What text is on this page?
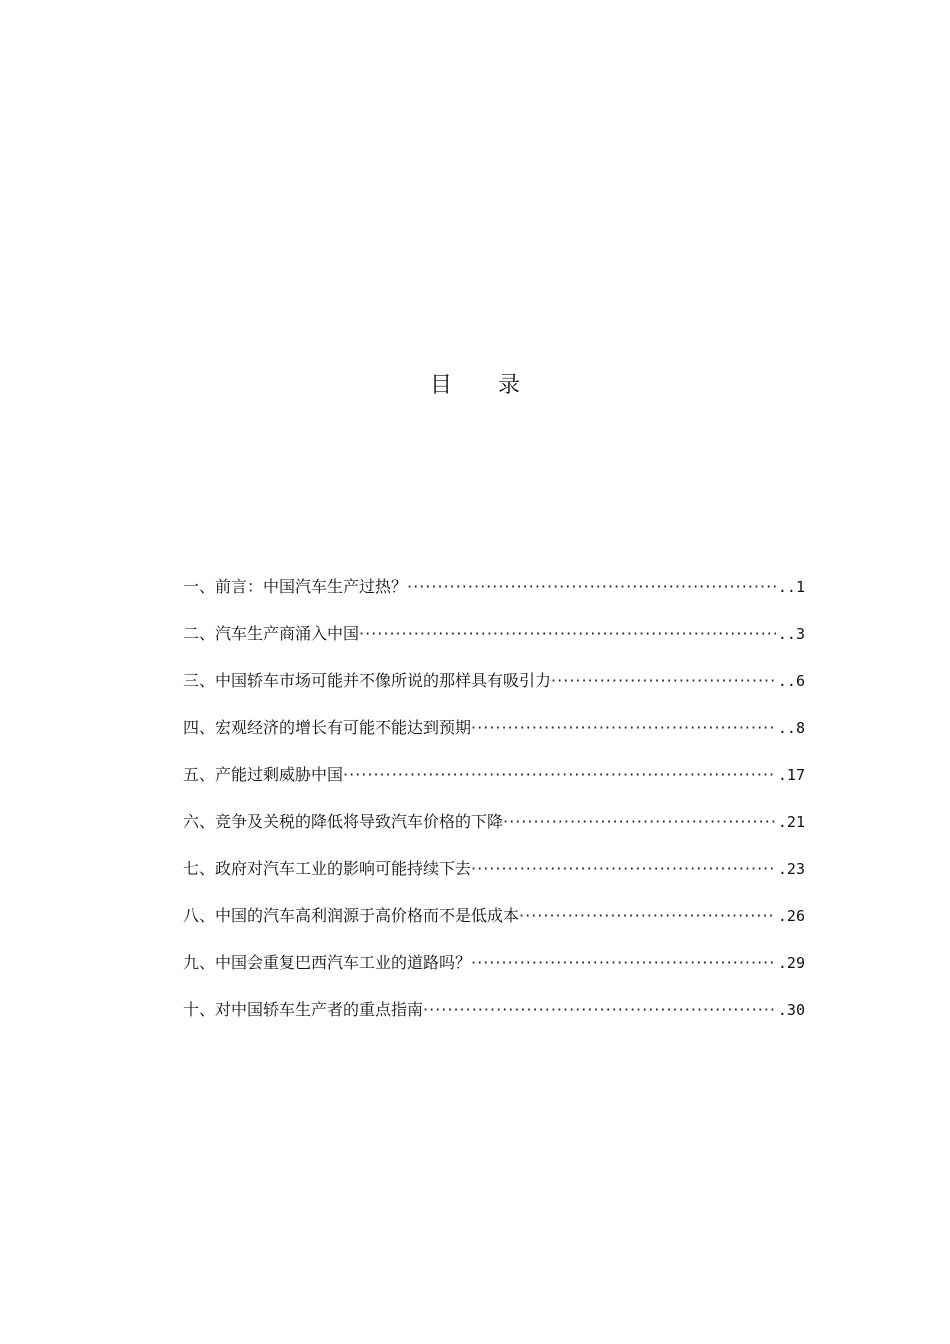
目 录
一、 前言：中国汽车生产过热？ ·····	..1
二、 汽车生产商涌入中国 ·····	..3
三、 中国轿车市场可能并不像所说的那样具有吸引力 ·····	..6
四、 宏观经济的增长有可能不能达到预期 ·····	..8
五、 产能过剩威胁中国 ·····	.17
六、 竞争及关税的降低将导致汽车价格的下降 ·····	.21
七、 政府对汽车工业的影响可能持续下去 ·····	.23
八、 中国的汽车高利润源于高价格而不是低成本 ·····	.26
九、 中国会重复巴西汽车工业的道路吗？ ·····	.29
十、 对中国轿车生产者的重点指南 ·····	.30
